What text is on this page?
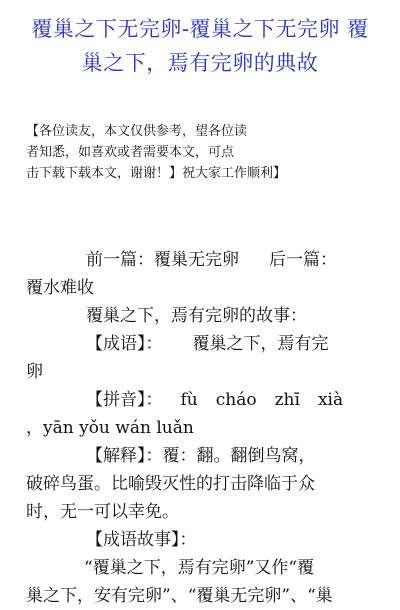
覆巢之下无完卵-覆巢之下无完卵 覆
巢之下，焉有完卵的典故
【各位读友，本文仅供参考，望各位读
者知悉，如喜欢或者需要本文，可点
击下载下载本文，谢谢！】祝大家工作顺利】
前一篇：覆巢无完卵 后一篇：
覆水难收
覆巢之下，焉有完卵的故事：
【成语】： 覆巢之下，焉有完
卵
【拼音】： fù cháo zhī xià
，yān yǒu wán luǎn
【解释】：覆：翻。翻倒鸟窝，
破碎鸟蛋。比喻毁灭性的打击降临于众
时，无一可以幸免。
【成语故事】：
“覆巢之下，焉有完卵”又作“覆
巢之下，安有完卵”、“覆巢无完卵”、“巢
